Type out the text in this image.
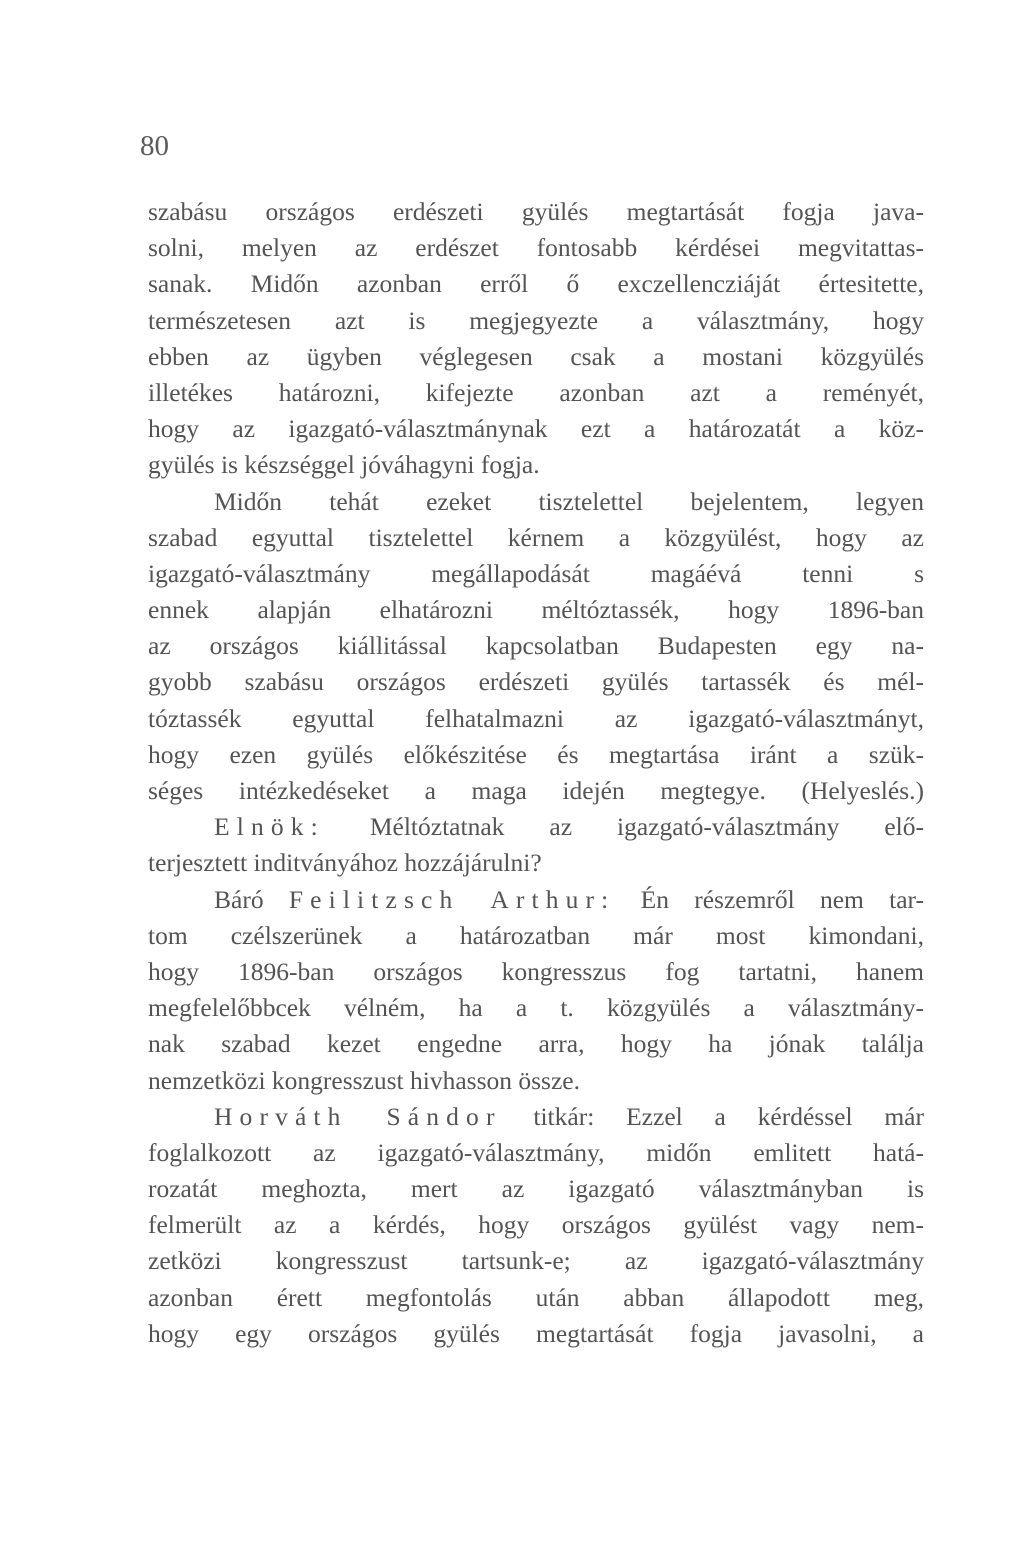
80
szabásu országos erdészeti gyülés megtartását fogja java-
solni, melyen az erdészet fontosabb kérdései megvitattas-
sanak. Midőn azonban erről ő exczellencziáját értesitette,
természetesen azt is megjegyezte a választmány, hogy
ebben az ügyben véglegesen csak a mostani közgyülés
illetékes határozni, kifejezte azonban azt a reményét,
hogy az igazgató-választmánynak ezt a határozatát a köz-
gyülés is készséggel jóváhagyni fogja.
Midőn tehát ezeket tisztelettel bejelentem, legyen
szabad egyuttal tisztelettel kérnem a közgyülést, hogy az
igazgató-választmány megállapodását magáévá tenni s
ennek alapján elhatározni méltóztassék, hogy 1896-ban
az országos kiállitással kapcsolatban Budapesten egy na-
gyobb szabásu országos erdészeti gyülés tartassék és mél-
tóztassék egyuttal felhatalmazni az igazgató-választmányt,
hogy ezen gyülés előkészitése és megtartása iránt a szük-
séges intézkedéseket a maga idején megtegye. (Helyeslés.)
Elnök: Méltóztatnak az igazgató-választmány elő-
terjesztett inditványához hozzájárulni?
Báró Feilitzsch Arthur: Én részemről nem tar-
tom czélszerünek a határozatban már most kimondani,
hogy 1896-ban országos kongresszus fog tartatni, hanem
megfelelőbbcek vélném, ha a t. közgyülés a választmány-
nak szabad kezet engedne arra, hogy ha jónak találja
nemzetközi kongresszust hivhasson össze.
Horváth Sándor titkár: Ezzel a kérdéssel már
foglalkozott az igazgató-választmány, midőn emlitett hatá-
rozatát meghozta, mert az igazgató választmányban is
felmerült az a kérdés, hogy országos gyülést vagy nem-
zetközi kongresszust tartsunk-e; az igazgató-választmány
azonban érett megfontolás után abban állapodott meg,
hogy egy országos gyülés megtartását fogja javasolni, a
